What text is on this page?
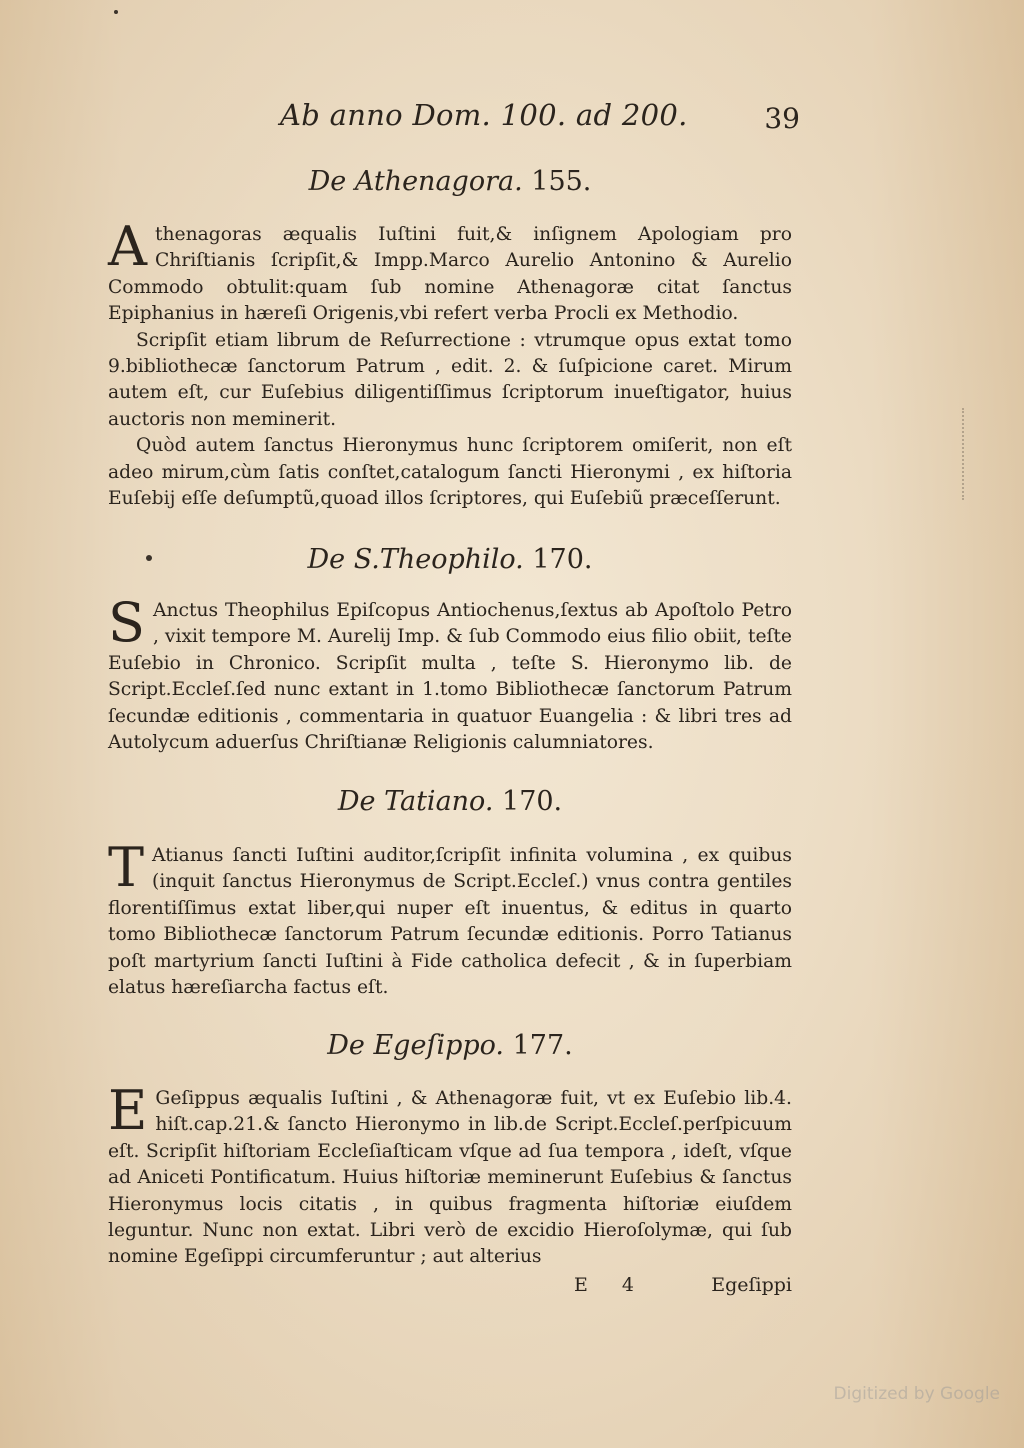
Ab anno Dom. 100. ad 200.	39
De Athenagora. 155.

Athenagoras æqualis Iuſtini fuit,& inſignem Apologiam pro Chriſtianis ſcripſit,& Impp.Marco Aurelio Antonino & Aurelio Commodo obtulit:quam ſub nomine Athenagoræ citat ſanctus Epiphanius in hæreſi Origenis,vbi refert verba Procli ex Methodio.

Scripſit etiam librum de Reſurrectione : vtrumque opus extat tomo 9.bibliothecæ ſanctorum Patrum , edit. 2. & ſuſpicione caret. Mirum autem eſt, cur Euſebius diligentiſſimus ſcriptorum inueſtigator, huius auctoris non meminerit.

Quòd autem ſanctus Hieronymus hunc ſcriptorem omiſerit, non eſt adeo mirum,cùm ſatis conſtet,catalogum ſancti Hieronymi , ex hiſtoria Euſebij eſſe deſumptũ,quoad illos ſcriptores, qui Euſebiũ præceſſerunt.

De S.Theophilo. 170.

S Anctus Theophilus Epiſcopus Antiochenus,ſextus ab Apoſtolo Petro , vixit tempore M. Aurelij Imp. & ſub Commodo eius filio obiit, teſte Euſebio in Chronico. Scripſit multa , teſte S. Hieronymo lib. de Script.Eccleſ.ſed nunc extant in 1.tomo Bibliothecæ ſanctorum Patrum ſecundæ editionis , commentaria in quatuor Euangelia : & libri tres ad Autolycum aduerſus Chriſtianæ Religionis calumniatores.

De Tatiano. 170.

T Atianus ſancti Iuſtini auditor,ſcripſit infinita volumina , ex quibus (inquit ſanctus Hieronymus de Script.Eccleſ.) vnus contra gentiles florentiſſimus extat liber,qui nuper eſt inuentus, & editus in quarto tomo Bibliothecæ ſanctorum Patrum ſecundæ editionis. Porro Tatianus poſt martyrium ſancti Iuſtini à Fide catholica defecit , & in ſuperbiam elatus hæreſiarcha factus eſt.

De Egeſippo. 177.

E Geſippus æqualis Iuſtini , & Athenagoræ fuit, vt ex Euſebio lib.4. hiſt.cap.21.& ſancto Hieronymo in lib.de Script.Eccleſ.perſpicuum eſt. Scripſit hiſtoriam Eccleſiaſticam vſque ad ſua tempora , ideſt, vſque ad Aniceti Pontificatum. Huius hiſtoriæ meminerunt Euſebius & ſanctus Hieronymus locis citatis , in quibus fragmenta hiſtoriæ eiuſdem leguntur. Nunc non extat. Libri verò de excidio Hieroſolymæ, qui ſub nomine Egeſippi circumferuntur ; aut alterius

E 4	Egeſippi
Digitized by Google
